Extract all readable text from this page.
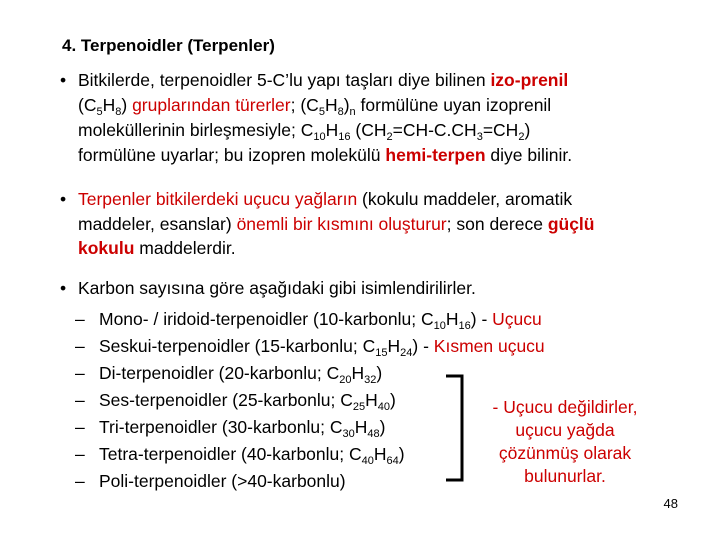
4. Terpenoidler (Terpenler)
• Bitkilerde, terpenoidler 5-C’lu yapı taşları diye bilinen izo-prenil
$(C_5H_8)$ gruplarından türerler; $(C_5H_8)_n$ formülüne uyan izoprenil
moleküllerinin birleşmesiyle; $C_{10}H_{16}$ $(CH_2=CH-C.CH_3=CH_2)$
formülüne uyarlar; bu izopren molekülü hemi-terpen diye bilinir.
• Terpenler bitkilerdeki uçucu yağların (kokulu maddeler, aromatik
maddeler, esanslar) önemli bir kısmını oluşturur; son derece güçlü
kokulu maddelerdir.
• Karbon sayısına göre aşağıdaki gibi isimlendirilirler.
– Mono- / iridoid-terpenoidler (10-karbonlu; $C_{10}H_{16}$) - Uçucu
– Seskui-terpenoidler (15-karbonlu; $C_{15}H_{24}$) - Kısmen uçucu
– Di-terpenoidler (20-karbonlu; $C_{20}H_{32}$)
– Ses-terpenoidler (25-karbonlu; $C_{25}H_{40}$)
– Tri-terpenoidler (30-karbonlu; $C_{30}H_{48}$)
– Tetra-terpenoidler (40-karbonlu; $C_{40}H_{64}$)
– Poli-terpenoidler (>40-karbonlu)
- Uçucu değildirler,
uçucu yağda
çözünmüş olarak
bulunurlar.
48
